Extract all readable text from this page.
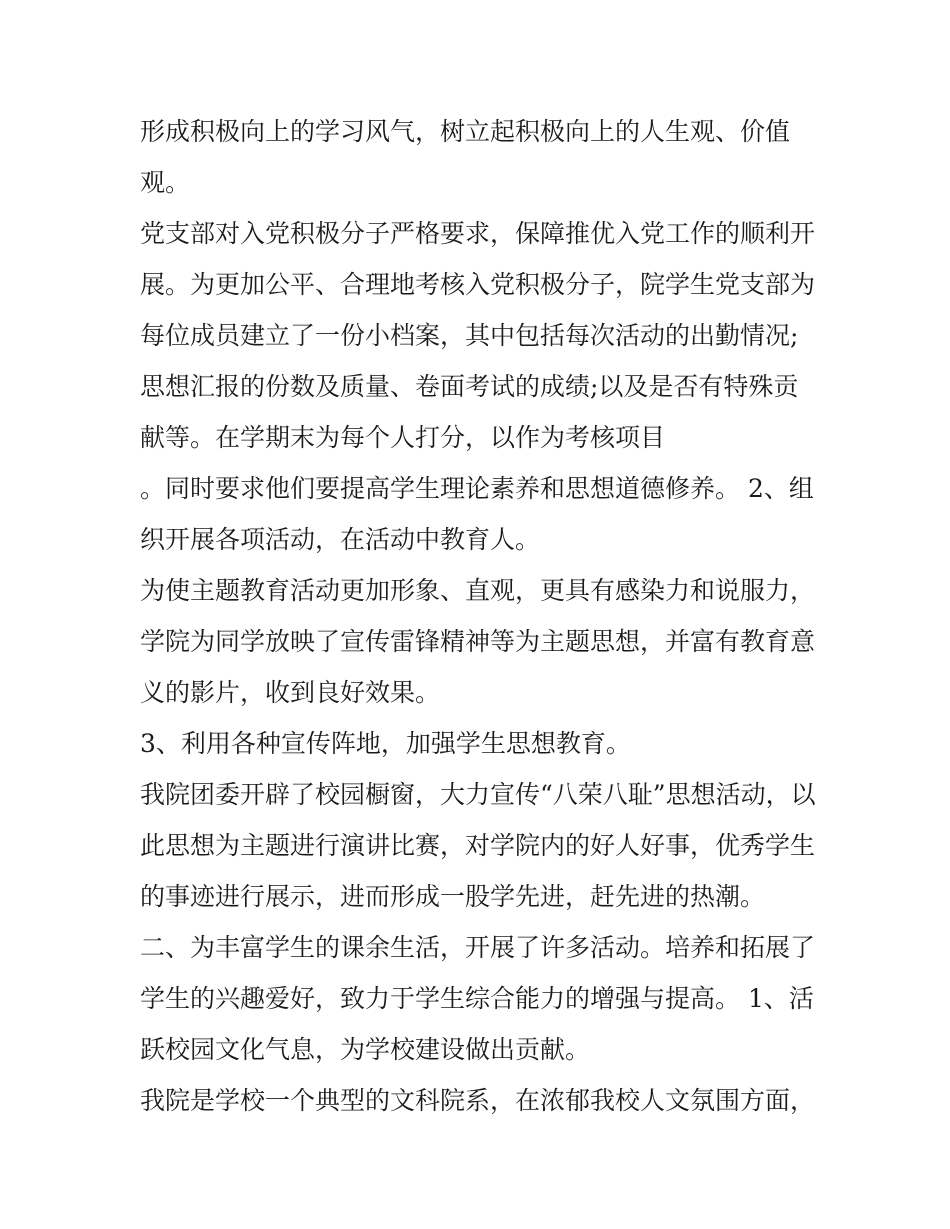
形成积极向上的学习风气，树立起积极向上的人生观、价值
观。
党支部对入党积极分子严格要求，保障推优入党工作的顺利开
展。为更加公平、合理地考核入党积极分子，院学生党支部为
每位成员建立了一份小档案，其中包括每次活动的出勤情况;
思想汇报的份数及质量、卷面考试的成绩;以及是否有特殊贡
献等。在学期末为每个人打分，以作为考核项目
。同时要求他们要提高学生理论素养和思想道德修养。 2、组
织开展各项活动，在活动中教育人。
为使主题教育活动更加形象、直观，更具有感染力和说服力，
学院为同学放映了宣传雷锋精神等为主题思想，并富有教育意
义的影片，收到良好效果。
3、利用各种宣传阵地，加强学生思想教育。
我院团委开辟了校园橱窗，大力宣传“八荣八耻”思想活动，以
此思想为主题进行演讲比赛，对学院内的好人好事，优秀学生
的事迹进行展示，进而形成一股学先进，赶先进的热潮。
二、为丰富学生的课余生活，开展了许多活动。培养和拓展了
学生的兴趣爱好，致力于学生综合能力的增强与提高。 1、活
跃校园文化气息，为学校建设做出贡献。
我院是学校一个典型的文科院系，在浓郁我校人文氛围方面，
